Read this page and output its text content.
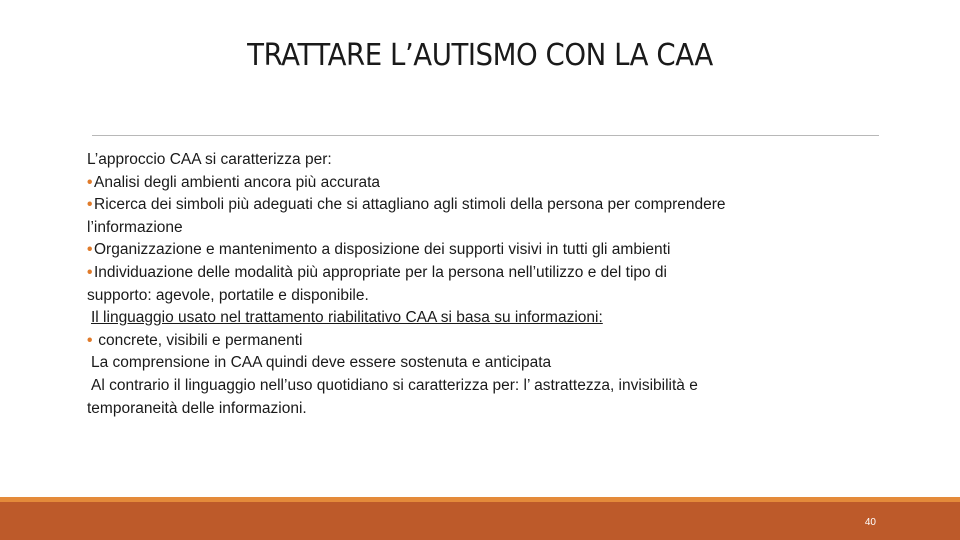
TRATTARE L’AUTISMO CON LA CAA
L’approccio CAA si caratterizza per:
• Analisi degli ambienti ancora più accurata
• Ricerca dei simboli più adeguati che si attagliano agli stimoli della persona per comprendere
l’informazione
• Organizzazione e mantenimento a disposizione dei supporti visivi in tutti gli ambienti
• Individuazione delle modalità più appropriate per la persona nell’utilizzo e del tipo di
supporto: agevole, portatile e disponibile.
Il linguaggio usato nel trattamento riabilitativo CAA si basa su informazioni:
• concrete, visibili e permanenti
La comprensione in CAA quindi deve essere sostenuta e anticipata
Al contrario il linguaggio nell’uso quotidiano si caratterizza per: l’ astrattezza, invisibilità e
temporaneità delle informazioni.
40
